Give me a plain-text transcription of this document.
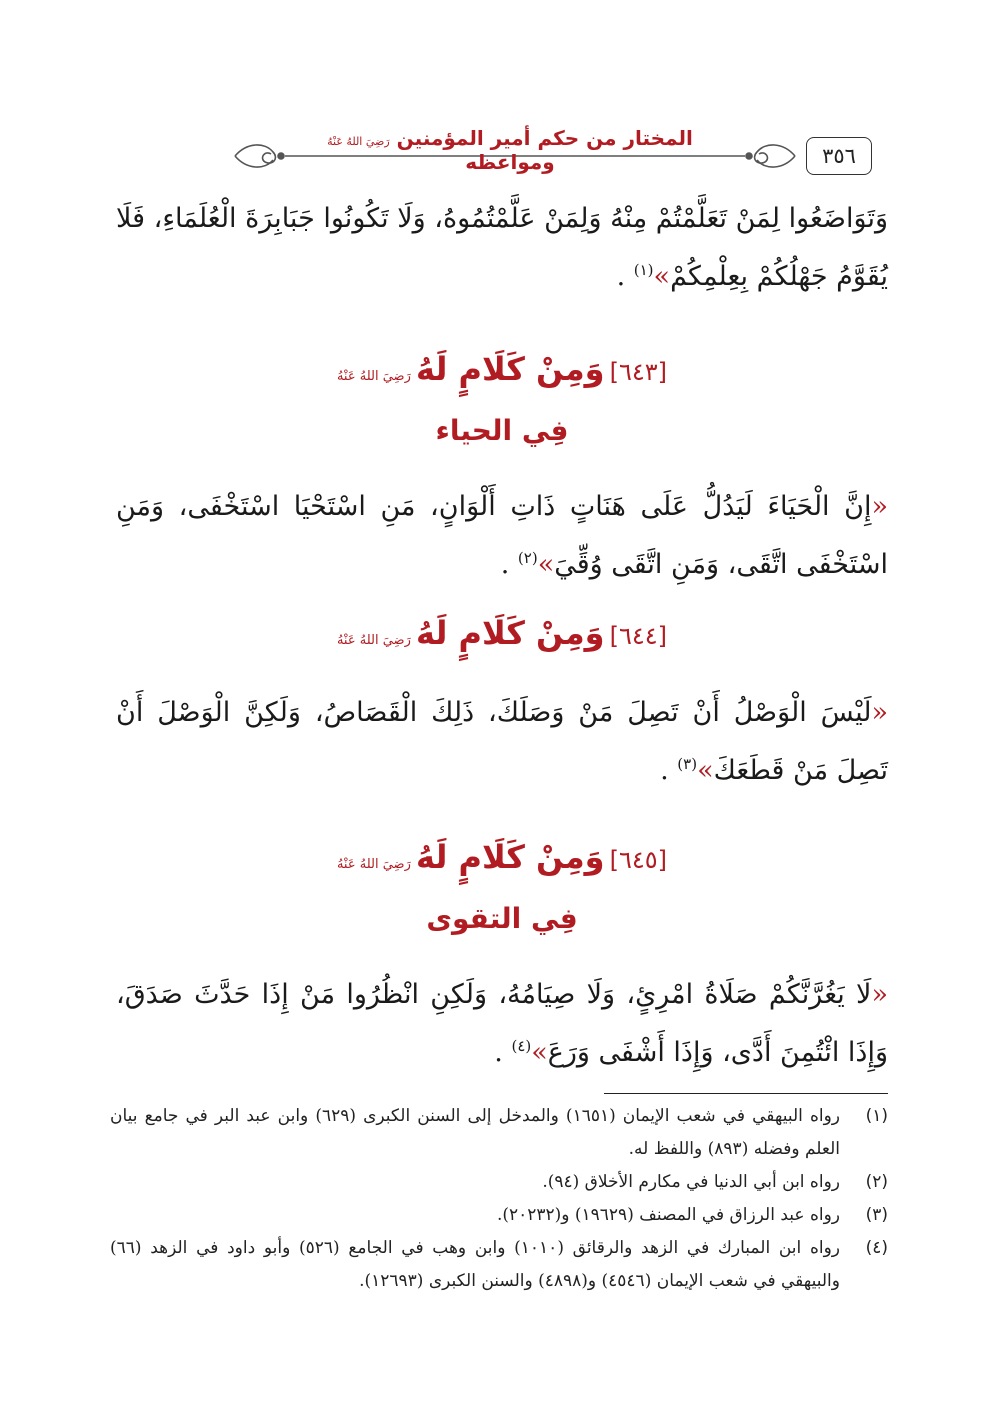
المختار من حكم أمير المؤمنين رَضِيَ اللهُ عَنْهُ ومواعظه	٣٥٦
وَتَوَاضَعُوا لِمَنْ تَعَلَّمْتُمْ مِنْهُ وَلِمَنْ عَلَّمْتُمُوهُ، وَلَا تَكُونُوا جَبَابِرَةَ الْعُلَمَاءِ، فَلَا يُقَوَّمُ جَهْلُكُمْ بِعِلْمِكُمْ»$^{(١)}$ .
[٦٤٣] وَمِنْ كَلَامٍ لَهُ رَضِيَ اللهُ عَنْهُ
فِي الحياء
«إِنَّ الْحَيَاءَ لَيَدُلُّ عَلَى هَنَاتٍ ذَاتِ أَلْوَانٍ، مَنِ اسْتَحْيَا اسْتَخْفَى، وَمَنِ اسْتَخْفَى اتَّقَى، وَمَنِ اتَّقَى وُقِّيَ»$^{(٢)}$ .
[٦٤٤] وَمِنْ كَلَامٍ لَهُ رَضِيَ اللهُ عَنْهُ
«لَيْسَ الْوَصْلُ أَنْ تَصِلَ مَنْ وَصَلَكَ، ذَلِكَ الْقَصَاصُ، وَلَكِنَّ الْوَصْلَ أَنْ تَصِلَ مَنْ قَطَعَكَ»$^{(٣)}$ .
[٦٤٥] وَمِنْ كَلَامٍ لَهُ رَضِيَ اللهُ عَنْهُ
فِي التقوى
«لَا يَغُرَّنَّكُمْ صَلَاةُ امْرِئٍ، وَلَا صِيَامُهُ، وَلَكِنِ انْظُرُوا مَنْ إِذَا حَدَّثَ صَدَقَ، وَإِذَا ائْتُمِنَ أَدَّى، وَإِذَا أَشْفَى وَرَعَ»$^{(٤)}$ .
(١)
رواه البيهقي في شعب الإيمان (١٦٥١) والمدخل إلى السنن الكبرى (٦٢٩) وابن عبد البر في جامع بيان العلم وفضله (٨٩٣) واللفظ له.
(٢)
رواه ابن أبي الدنيا في مكارم الأخلاق (٩٤).
(٣)
رواه عبد الرزاق في المصنف (١٩٦٢٩) و(٢٠٢٣٢).
(٤)
رواه ابن المبارك في الزهد والرقائق (١٠١٠) وابن وهب في الجامع (٥٢٦) وأبو داود في الزهد (٦٦) والبيهقي في شعب الإيمان (٤٥٤٦) و(٤٨٩٨) والسنن الكبرى (١٢٦٩٣).
